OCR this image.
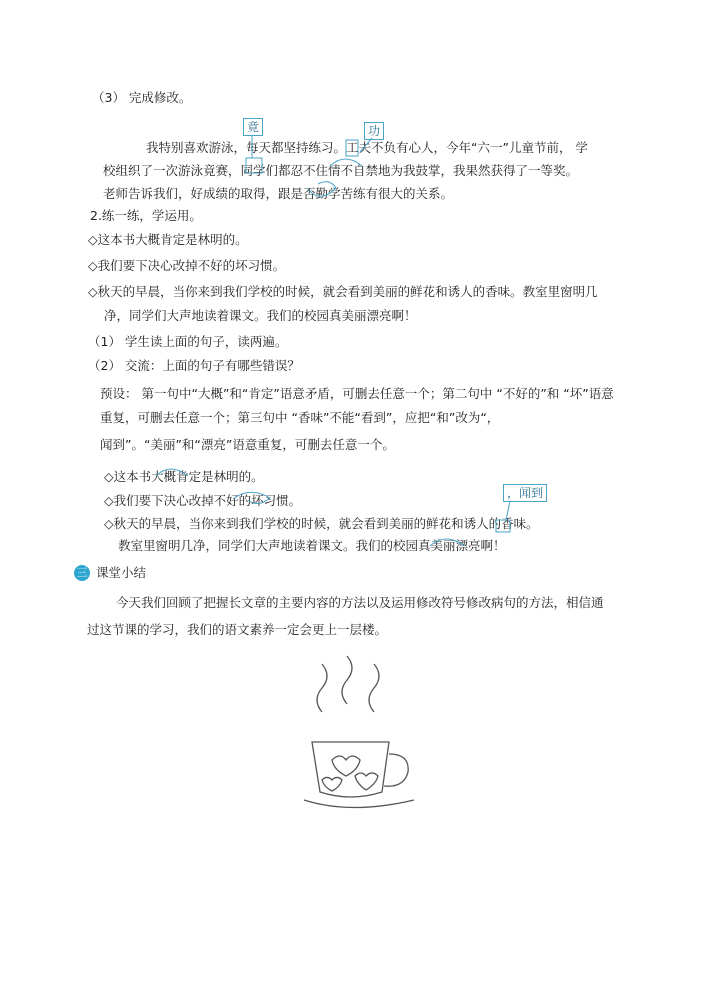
（3） 完成修改。
我特别喜欢游泳，每天都坚持练习。工夫不负有心人，今年“六一”儿童节前， 学
校组织了一次游泳竟赛，同学们都忍不住情不自禁地为我鼓掌，我果然获得了一等奖。
老师告诉我们，好成绩的取得，跟是否勤学苦练有很大的关系。
竟	功
2.练一练，学运用。
◇这本书大概肯定是林明的。
◇我们要下决心改掉不好的坏习惯。
◇秋天的早晨，当你来到我们学校的时候，就会看到美丽的鲜花和诱人的香味。教室里窗明几
净，同学们大声地读着课文。我们的校园真美丽漂亮啊！
（1） 学生读上面的句子，读两遍。
（2） 交流：上面的句子有哪些错误？
预设： 第一句中“大概”和“肯定”语意矛盾，可删去任意一个；第二句中 “不好的”和 “坏”语意
重复，可删去任意一个；第三句中 “香味”不能“看到”，应把“和”改为“，
闻到”。“美丽”和“漂亮”语意重复，可删去任意一个。
◇这本书大概肯定是林明的。
◇我们要下决心改掉不好的坏习惯。
◇秋天的早晨，当你来到我们学校的时候，就会看到美丽的鲜花和诱人的香味。
教室里窗明几净，同学们大声地读着课文。我们的校园真美丽漂亮啊！
，闻到
三 课堂小结
今天我们回顾了把握长文章的主要内容的方法以及运用修改符号修改病句的方法，相信通
过这节课的学习，我们的语文素养一定会更上一层楼。
